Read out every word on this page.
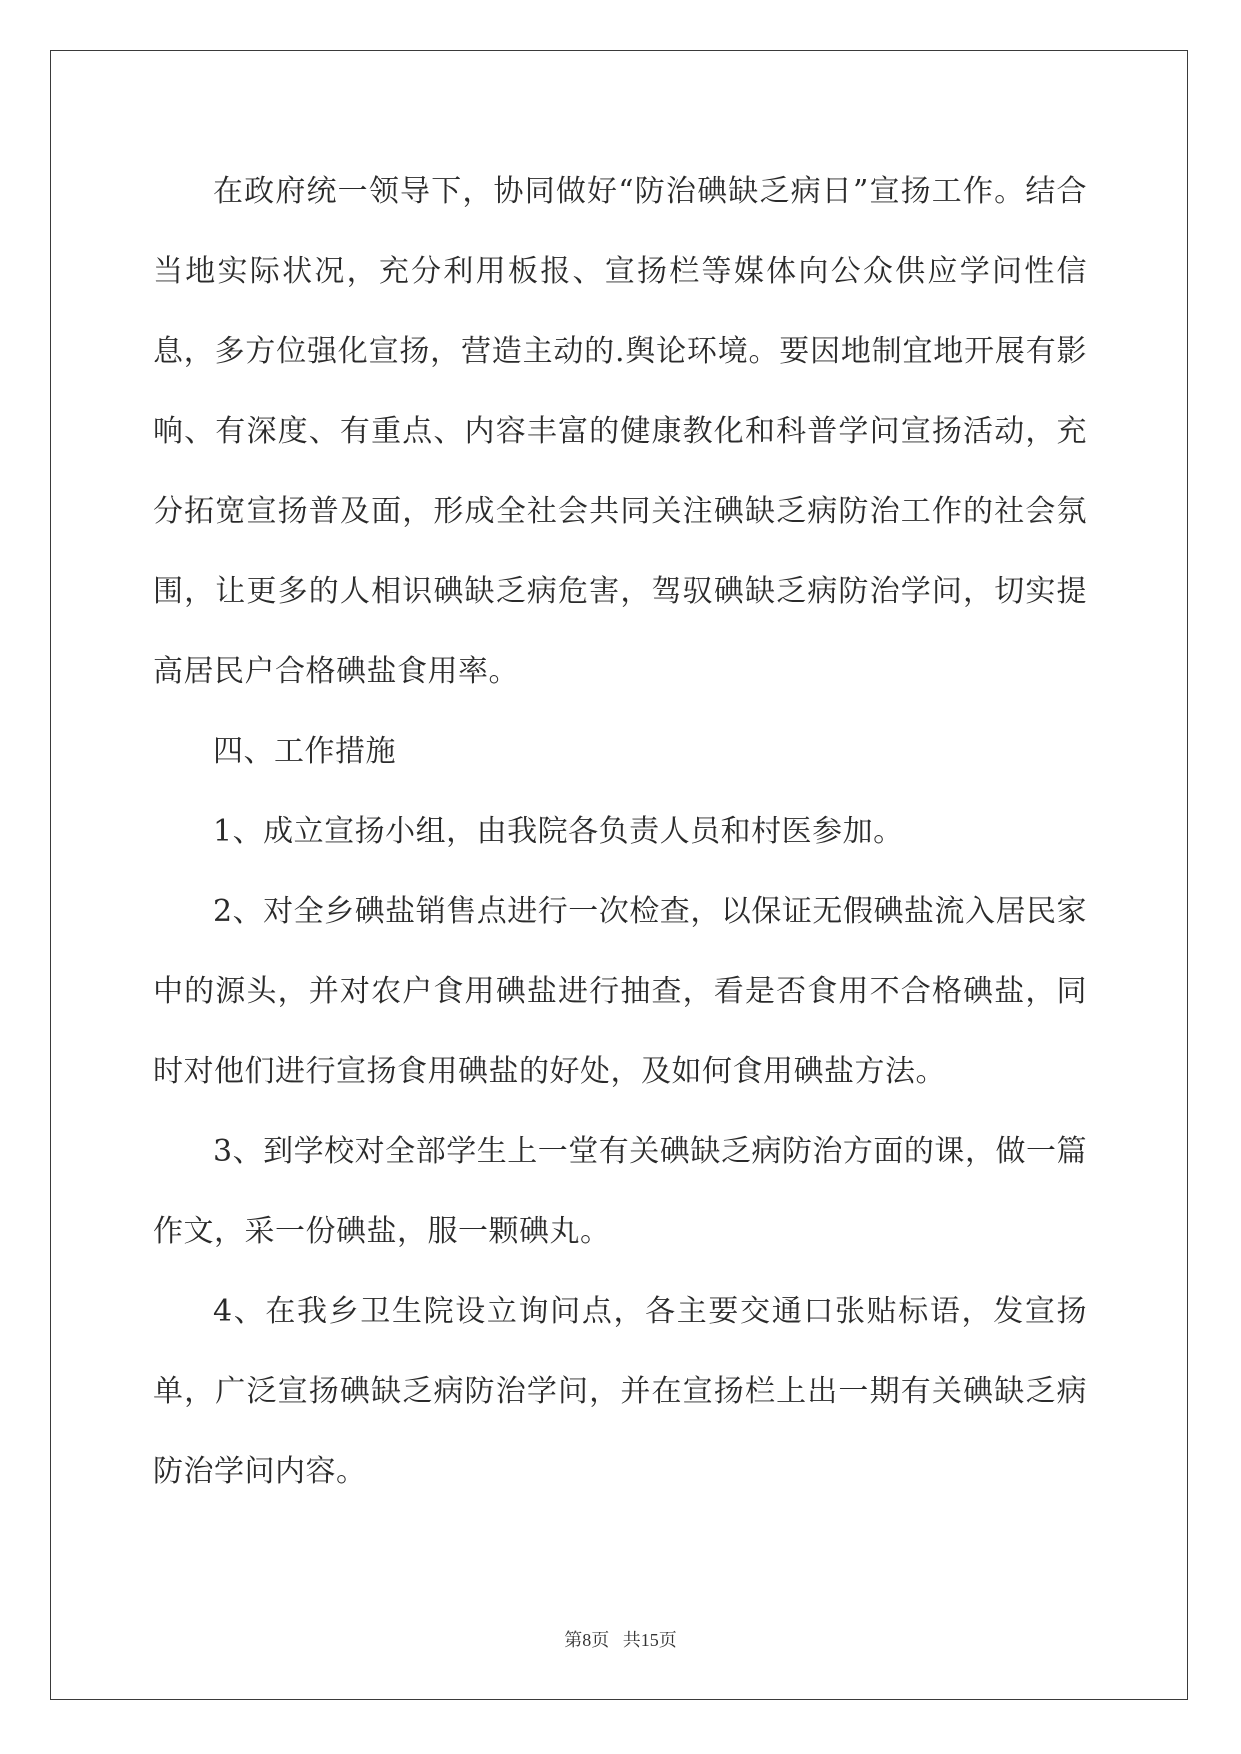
在政府统一领导下，协同做好“防治碘缺乏病日”宣扬工作。结合当地实际状况，充分利用板报、宣扬栏等媒体向公众供应学问性信息，多方位强化宣扬，营造主动的.舆论环境。要因地制宜地开展有影响、有深度、有重点、内容丰富的健康教化和科普学问宣扬活动，充分拓宽宣扬普及面，形成全社会共同关注碘缺乏病防治工作的社会氛围，让更多的人相识碘缺乏病危害，驾驭碘缺乏病防治学问，切实提高居民户合格碘盐食用率。

四、工作措施

1、成立宣扬小组，由我院各负责人员和村医参加。

2、对全乡碘盐销售点进行一次检查，以保证无假碘盐流入居民家中的源头，并对农户食用碘盐进行抽查，看是否食用不合格碘盐，同时对他们进行宣扬食用碘盐的好处，及如何食用碘盐方法。

3、到学校对全部学生上一堂有关碘缺乏病防治方面的课，做一篇作文，采一份碘盐，服一颗碘丸。

4、在我乡卫生院设立询问点，各主要交通口张贴标语，发宣扬单，广泛宣扬碘缺乏病防治学问，并在宣扬栏上出一期有关碘缺乏病防治学问内容。

第8页   共15页
